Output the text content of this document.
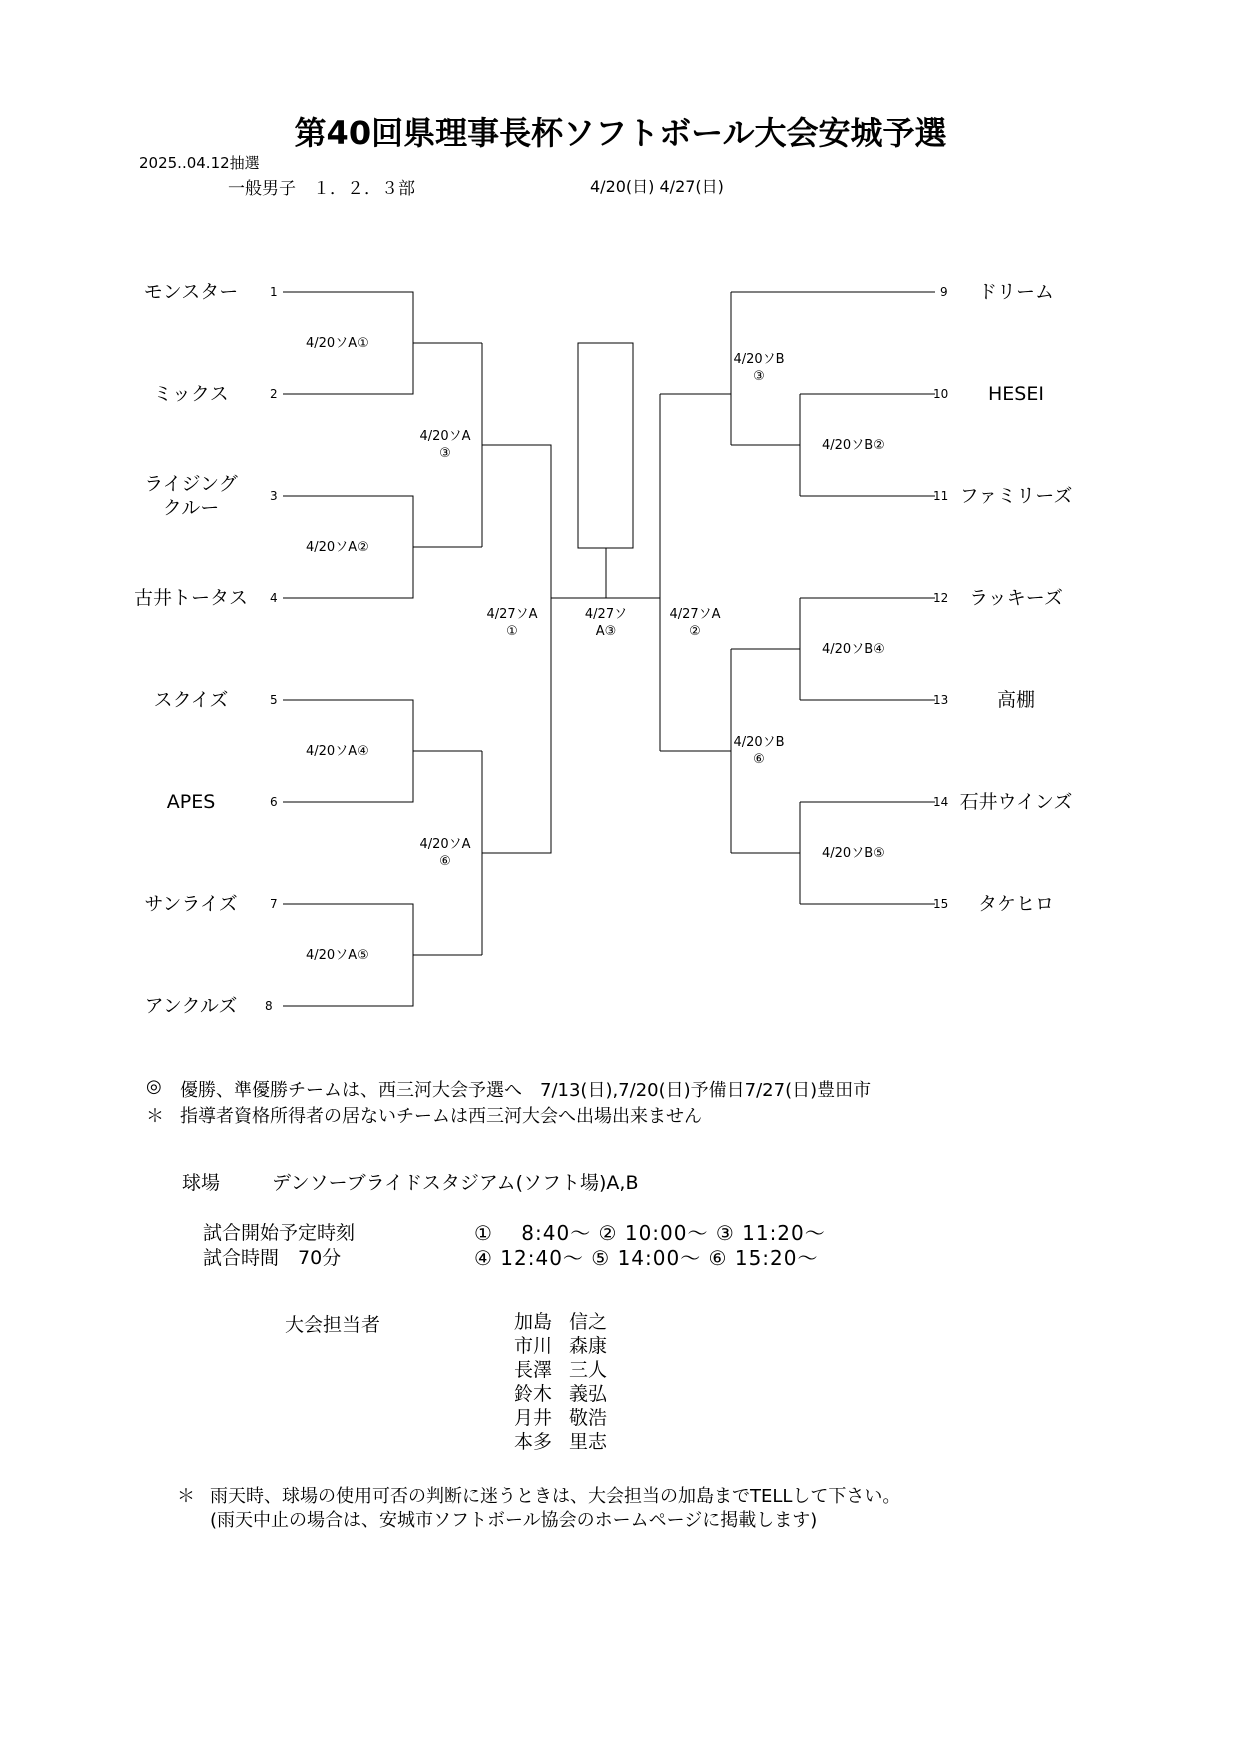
第40回県理事長杯ソフトボール大会安城予選
2025..04.12抽選
一般男子　１．２．３部	4/20(日) 4/27(日)
モンスター	1
ミックス	2
ライジング
クルー
3
古井トータス	4
スクイズ	5
APES	6
サンライズ	7
アンクルズ	8
9	ドリーム
10	HESEI
11 ファミリーズ
12	ラッキーズ
13	高棚
14 石井ウインズ
15	タケヒロ
4/20ソA①
4/20ソA②
4/20ソA④
4/20ソA⑤
4/20ソA
③
4/20ソA
⑥
4/27ソA
①
4/27ソ
A③
4/27ソA
②
4/20ソB
③
4/20ソB②
4/20ソB④
4/20ソB
⑥
4/20ソB⑤
◎ 優勝、準優勝チームは、西三河大会予選へ　7/13(日),7/20(日)予備日7/27(日)豊田市
＊ 指導者資格所得者の居ないチームは西三河大会へ出場出来ません
球場	デンソーブライドスタジアム(ソフト場)A,B
試合開始予定時刻	①　 8:40～ ② 10:00～ ③ 11:20～
試合時間　70分	④ 12:40～ ⑤ 14:00～ ⑥ 15:20～
大会担当者	加島 信之
市川 森康
長澤 三人
鈴木 義弘
月井 敬浩
本多 里志
＊ 雨天時、球場の使用可否の判断に迷うときは、大会担当の加島までTELLして下さい。
(雨天中止の場合は、安城市ソフトボール協会のホームページに掲載します)
